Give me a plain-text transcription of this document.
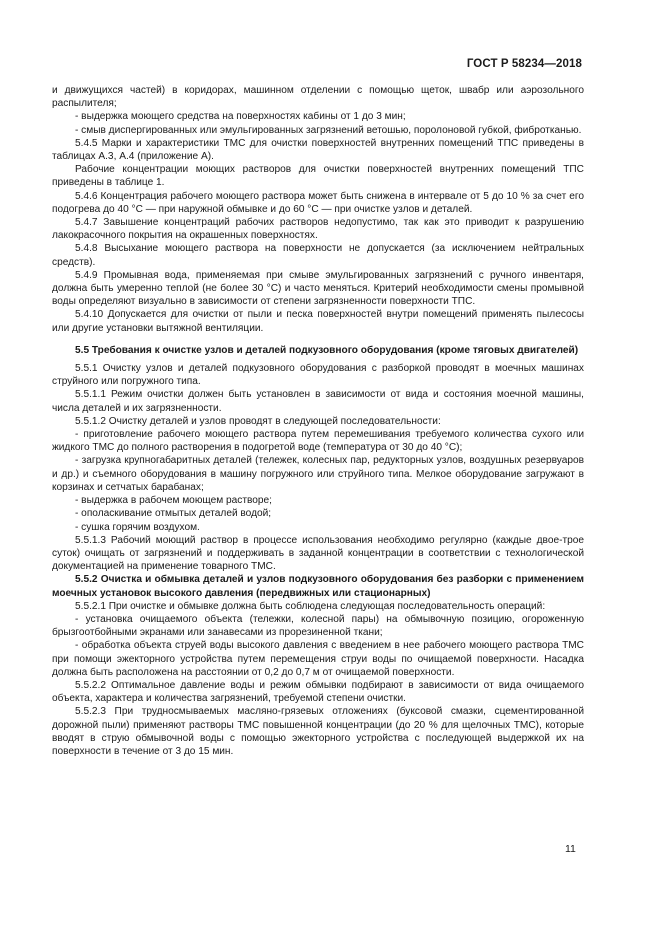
ГОСТ Р 58234—2018

и движущихся частей) в коридорах, машинном отделении с помощью щеток, швабр или аэрозольного распылителя;

- выдержка моющего средства на поверхностях кабины от 1 до 3 мин;

- смыв диспергированных или эмульгированных загрязнений ветошью, поролоновой губкой, фибротканью.

5.4.5 Марки и характеристики ТМС для очистки поверхностей внутренних помещений ТПС приведены в таблицах А.3, А.4 (приложение А).

Рабочие концентрации моющих растворов для очистки поверхностей внутренних помещений ТПС приведены в таблице 1.

5.4.6 Концентрация рабочего моющего раствора может быть снижена в интервале от 5 до 10 % за счет его подогрева до 40 °С — при наружной обмывке и до 60 °С — при очистке узлов и деталей.

5.4.7 Завышение концентраций рабочих растворов недопустимо, так как это приводит к разрушению лакокрасочного покрытия на окрашенных поверхностях.

5.4.8 Высыхание моющего раствора на поверхности не допускается (за исключением нейтральных средств).

5.4.9 Промывная вода, применяемая при смыве эмульгированных загрязнений с ручного инвентаря, должна быть умеренно теплой (не более 30 °С) и часто меняться. Критерий необходимости смены промывной воды определяют визуально в зависимости от степени загрязненности поверхности ТПС.

5.4.10 Допускается для очистки от пыли и песка поверхностей внутри помещений применять пылесосы или другие установки вытяжной вентиляции.

5.5 Требования к очистке узлов и деталей подкузовного оборудования (кроме тяговых двигателей)

5.5.1 Очистку узлов и деталей подкузовного оборудования с разборкой проводят в моечных машинах струйного или погружного типа.

5.5.1.1 Режим очистки должен быть установлен в зависимости от вида и состояния моечной машины, числа деталей и их загрязненности.

5.5.1.2 Очистку деталей и узлов проводят в следующей последовательности:

- приготовление рабочего моющего раствора путем перемешивания требуемого количества сухого или жидкого ТМС до полного растворения в подогретой воде (температура от 30 до 40 °С);

- загрузка крупногабаритных деталей (тележек, колесных пар, редукторных узлов, воздушных резервуаров и др.) и съемного оборудования в машину погружного или струйного типа. Мелкое оборудование загружают в корзинах и сетчатых барабанах;

- выдержка в рабочем моющем растворе;

- ополаскивание отмытых деталей водой;

- сушка горячим воздухом.

5.5.1.3 Рабочий моющий раствор в процессе использования необходимо регулярно (каждые двое-трое суток) очищать от загрязнений и поддерживать в заданной концентрации в соответствии с технологической документацией на применение товарного ТМС.

5.5.2 Очистка и обмывка деталей и узлов подкузовного оборудования без разборки с применением моечных установок высокого давления (передвижных или стационарных)

5.5.2.1 При очистке и обмывке должна быть соблюдена следующая последовательность операций:

- установка очищаемого объекта (тележки, колесной пары) на обмывочную позицию, огороженную брызгоотбойными экранами или занавесами из прорезиненной ткани;

- обработка объекта струей воды высокого давления с введением в нее рабочего моющего раствора ТМС при помощи эжекторного устройства путем перемещения струи воды по очищаемой поверхности. Насадка должна быть расположена на расстоянии от 0,2 до 0,7 м от очищаемой поверхности.

5.5.2.2 Оптимальное давление воды и режим обмывки подбирают в зависимости от вида очищаемого объекта, характера и количества загрязнений, требуемой степени очистки.

5.5.2.3 При трудносмываемых масляно-грязевых отложениях (буксовой смазки, сцементированной дорожной пыли) применяют растворы ТМС повышенной концентрации (до 20 % для щелочных ТМС), которые вводят в струю обмывочной воды с помощью эжекторного устройства с последующей выдержкой их на поверхности в течение от 3 до 15 мин.

11
